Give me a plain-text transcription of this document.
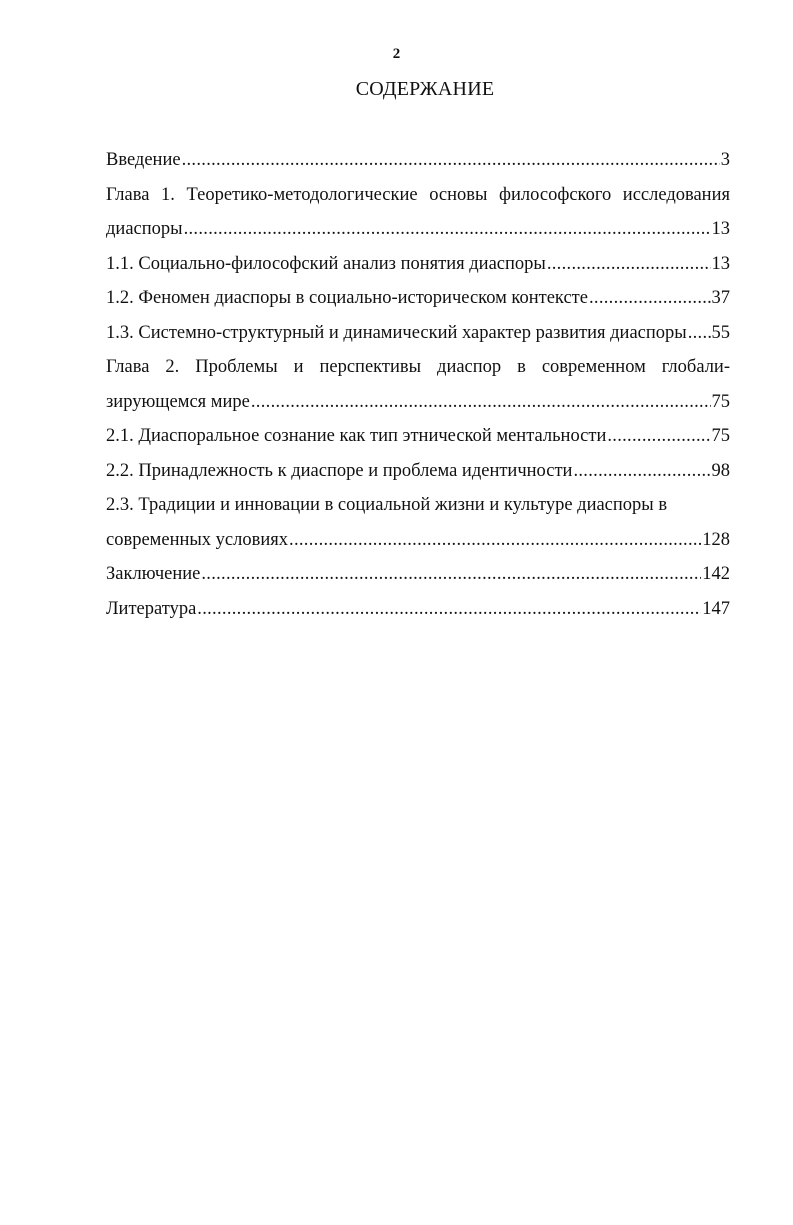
2
СОДЕРЖАНИЕ
Введение .....	3
Глава 1. Теоретико-методологические основы философского исследования
диаспоры .....	13
1.1. Социально-философский анализ понятия диаспоры .....	13
1.2. Феномен диаспоры в социально-историческом контексте .....	37
1.3. Системно-структурный и динамический характер развития диаспоры ..... 55
Глава 2. Проблемы и перспективы диаспор в современном глобали-
зирующемся мире .....	75
2.1. Диаспоральное сознание как тип этнической ментальности .....	75
2.2. Принадлежность к диаспоре и проблема идентичности .....	98
2.3. Традиции и инновации в социальной жизни и культуре диаспоры в
современных условиях .....	128
Заключение .....	142
Литература .....	147
